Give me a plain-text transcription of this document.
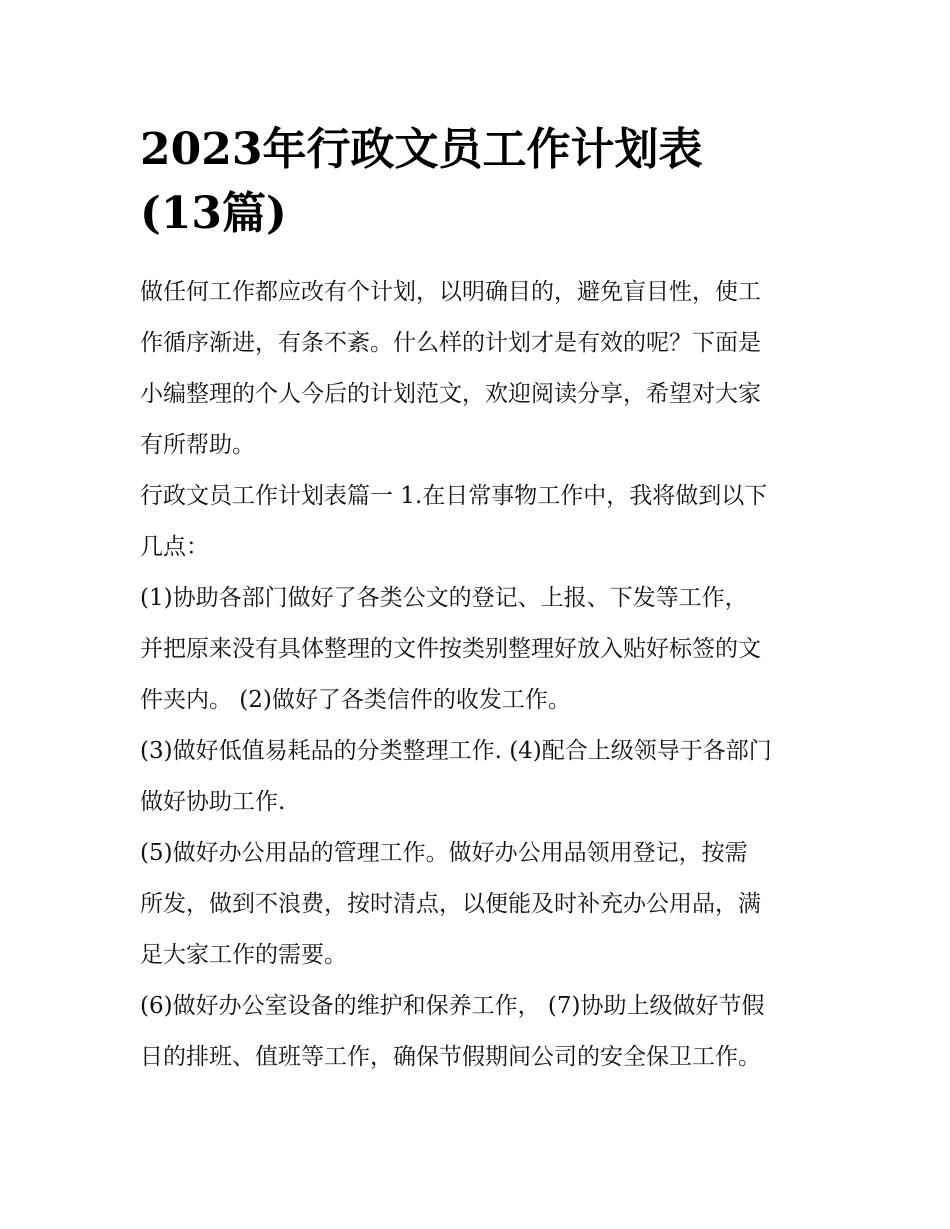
2023年行政文员工作计划表
(13篇)

做任何工作都应改有个计划，以明确目的，避免盲目性，使工
作循序渐进，有条不紊。什么样的计划才是有效的呢？下面是
小编整理的个人今后的计划范文，欢迎阅读分享，希望对大家
有所帮助。

行政文员工作计划表篇一 1.在日常事物工作中，我将做到以下
几点：

(1)协助各部门做好了各类公文的登记、上报、下发等工作，
并把原来没有具体整理的文件按类别整理好放入贴好标签的文
件夹内。 (2)做好了各类信件的收发工作。

(3)做好低值易耗品的分类整理工作. (4)配合上级领导于各部门
做好协助工作.

(5)做好办公用品的管理工作。做好办公用品领用登记，按需
所发，做到不浪费，按时清点，以便能及时补充办公用品，满
足大家工作的需要。

(6)做好办公室设备的维护和保养工作， (7)协助上级做好节假
日的排班、值班等工作，确保节假期间公司的安全保卫工作。
